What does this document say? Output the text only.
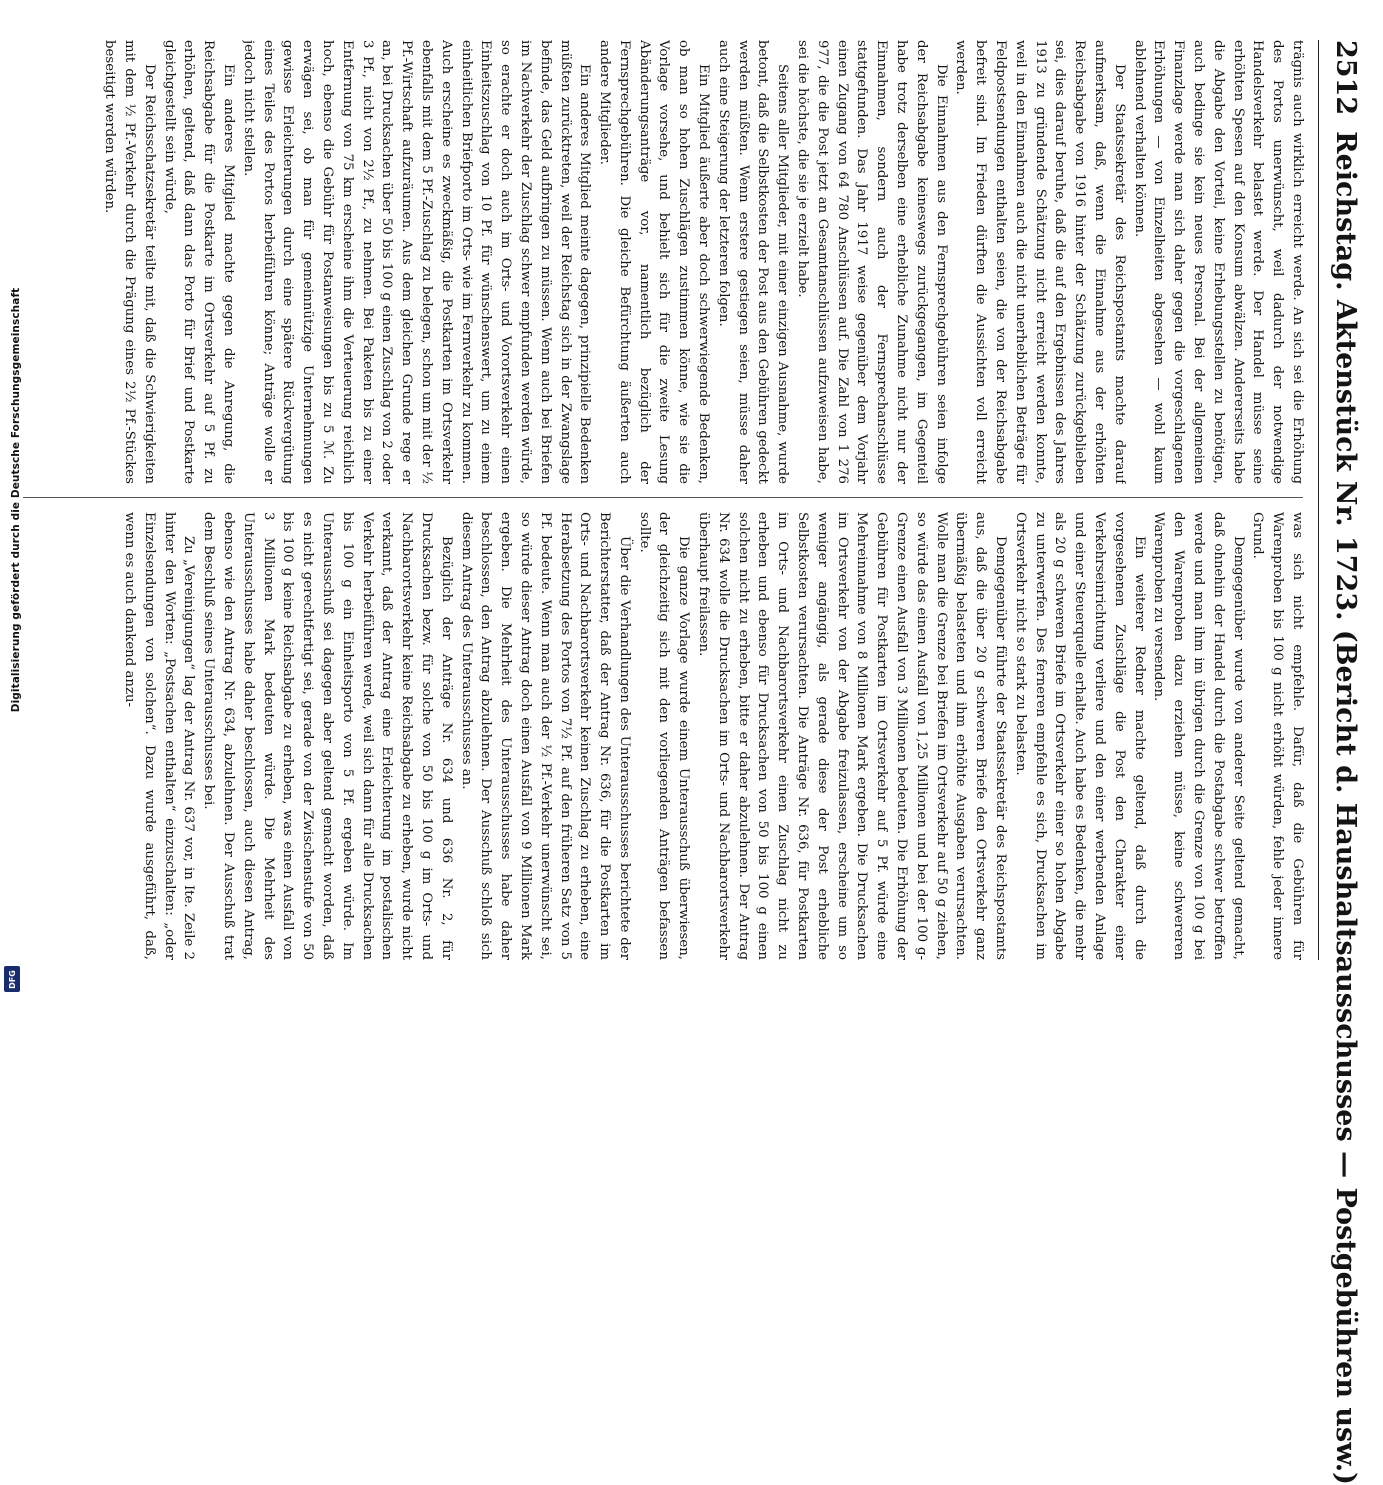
2512
Reichstag. Aktenstück Nr. 1723. (Bericht d. Haushaltsausschusses — Postgebühren usw.)

trägnis auch wirklich erreicht werde. An sich sei die Erhöhung des Portos unerwünscht, weil dadurch der notwendige Handelsverkehr belastet werde. Der Handel müsse seine erhöhten Spesen auf den Konsum abwälzen. Andererseits habe die Abgabe den Vorteil, keine Erhebungsstellen zu benötigen, auch bedinge sie kein neues Personal. Bei der allgemeinen Finanzlage werde man sich daher gegen die vorgeschlagenen Erhöhungen — von Einzelheiten abgesehen — wohl kaum ablehnend verhalten können.

Der Staatssekretär des Reichspostamts machte darauf aufmerksam, daß, wenn die Einnahme aus der erhöhten Reichsabgabe von 1916 hinter der Schätzung zurückgeblieben sei, dies darauf beruhe, daß die auf den Ergebnissen des Jahres 1913 zu gründende Schätzung nicht erreicht werden konnte, weil in den Einnahmen auch die nicht unerheblichen Beträge für Feldpostsendungen enthalten seien, die von der Reichsabgabe befreit sind. Im Frieden dürften die Aussichten voll erreicht werden.

Die Einnahmen aus den Fernsprechgebühren seien infolge der Reichsabgabe keineswegs zurückgegangen, im Gegenteil habe trotz derselben eine erhebliche Zunahme nicht nur der Einnahmen, sondern auch der Fernsprechanschlüsse stattgefunden. Das Jahr 1917 weise gegenüber dem Vorjahr einen Zugang von 64 780 Anschlüssen auf. Die Zahl von 1 276 977, die die Post jetzt an Gesamtanschlüssen aufzuweisen habe, sei die höchste, die sie je erzielt habe.

Seitens aller Mitglieder, mit einer einzigen Ausnahme, wurde betont, daß die Selbstkosten der Post aus den Gebühren gedeckt werden müßten. Wenn erstere gestiegen seien, müsse daher auch eine Steigerung der letzteren folgen.

Ein Mitglied äußerte aber doch schwerwiegende Bedenken, ob man so hohen Zuschlägen zustimmen könne, wie sie die Vorlage vorsehe, und behielt sich für die zweite Lesung Abänderungsanträge vor, namentlich bezüglich der Fernsprechgebühren. Die gleiche Befürchtung äußerten auch andere Mitglieder.

Ein anderes Mitglied meinte dagegen, prinzipielle Bedenken müßten zurücktreten, weil der Reichstag sich in der Zwangslage befinde, das Geld aufbringen zu müssen. Wenn auch bei Briefen im Nachverkehr der Zuschlag schwer empfunden werden würde, so erachte er doch auch im Orts- und Vorortsverkehr einen Einheitszuschlag von 10 Pf. für wünschenswert, um zu einem einheitlichen Briefporto im Orts- wie im Fernverkehr zu kommen. Auch erscheine es zweckmäßig, die Postkarten im Ortsverkehr ebenfalls mit dem 5 Pf.-Zuschlag zu belegen, schon um mit der ½ Pf.-Wirtschaft aufzuräumen. Aus dem gleichen Grunde rege er an, bei Drucksachen über 50 bis 100 g einen Zuschlag von 2 oder 3 Pf., nicht von 2½ Pf., zu nehmen. Bei Paketen bis zu einer Entfernung von 75 km erscheine ihm die Verteuerung reichlich hoch, ebenso die Gebühr für Postanweisungen bis zu 5 ℳ. Zu erwägen sei, ob man für gemeinnützige Unternehmungen gewisse Erleichterungen durch eine spätere Rückvergütung eines Teiles des Portos herbeiführen könne; Anträge wolle er jedoch nicht stellen.

Ein anderes Mitglied machte gegen die Anregung, die Reichsabgabe für die Postkarte im Ortsverkehr auf 5 Pf. zu erhöhen, geltend, daß dann das Porto für Brief und Postkarte gleichgestellt sein würde,

Der Reichsschatzsekretär teilte mit, daß die Schwierigkeiten mit dem ½ Pf.-Verkehr durch die Prägung eines 2½ Pf.-Stückes beseitigt werden würden.

was sich nicht empfehle. Dafür, daß die Gebühren für Warenproben bis 100 g nicht erhöht würden, fehle jeder innere Grund.

Demgegenüber wurde von anderer Seite geltend gemacht, daß ohnehin der Handel durch die Postabgabe schwer betroffen werde und man ihm im übrigen durch die Grenze von 100 g bei den Warenproben dazu erziehen müsse, keine schwereren Warenproben zu versenden.

Ein weiterer Redner machte geltend, daß durch die vorgesehenen Zuschläge die Post den Charakter einer Verkehrseinrichtung verliere und den einer werbenden Anlage und einer Steuerquelle erhalte. Auch habe es Bedenken, die mehr als 20 g schweren Briefe im Ortsverkehr einer so hohen Abgabe zu unterwerfen. Des ferneren empfehle es sich, Drucksachen im Ortsverkehr nicht so stark zu belasten.

Demgegenüber führte der Staatssekretär des Reichspostamts aus, daß die über 20 g schweren Briefe den Ortsverkehr ganz übermäßig belasteten und ihm erhöhte Ausgaben verursachten. Wolle man die Grenze bei Briefen im Ortsverkehr auf 50 g ziehen, so würde das einen Ausfall von 1,25 Millionen und bei der 100 g-Grenze einen Ausfall von 3 Millionen bedeuten. Die Erhöhung der Gebühren für Postkarten im Ortsverkehr auf 5 Pf. würde eine Mehreinnahme von 8 Millionen Mark ergeben. Die Drucksachen im Ortsverkehr von der Abgabe freizulassen, erscheine um so weniger angängig, als gerade diese der Post erhebliche Selbstkosten verursachten. Die Anträge Nr. 636, für Postkarten im Orts- und Nachbarortsverkehr einen Zuschlag nicht zu erheben und ebenso für Drucksachen von 50 bis 100 g einen solchen nicht zu erheben, bitte er daher abzulehnen. Der Antrag Nr. 634 wolle die Drucksachen im Orts- und Nachbarortsverkehr überhaupt freilassen.

Die ganze Vorlage wurde einem Unterausschuß überwiesen, der gleichzeitig sich mit den vorliegenden Anträgen befassen sollte.

Über die Verhandlungen des Unterausschusses berichtete der Berichterstatter, daß der Antrag Nr. 636, für die Postkarten im Orts- und Nachbarortsverkehr keinen Zuschlag zu erheben, eine Herabsetzung des Portos von 7½ Pf. auf den früheren Satz von 5 Pf. bedeute. Wenn man auch der ½ Pf.-Verkehr unerwünscht sei, so würde dieser Antrag doch einen Ausfall von 9 Millionen Mark ergeben. Die Mehrheit des Unterausschusses habe daher beschlossen, den Antrag abzulehnen. Der Ausschuß schloß sich diesem Antrag des Unterausschusses an.

Bezüglich der Anträge Nr. 634 und 636 Nr. 2, für Drucksachen bezw. für solche von 50 bis 100 g im Orts- und Nachbarortsverkehr keine Reichsabgabe zu erheben, wurde nicht verkannt, daß der Antrag eine Erleichterung im postalischen Verkehr herbeiführen werde, weil sich dann für alle Drucksachen bis 100 g ein Einheitsporto von 5 Pf. ergeben würde. Im Unterausschuß sei dagegen aber geltend gemacht worden, daß es nicht gerechtfertigt sei, gerade von der Zwischenstufe von 50 bis 100 g keine Reichsabgabe zu erheben, was einen Ausfall von 3 Millionen Mark bedeuten würde. Die Mehrheit des Unterausschusses habe daher beschlossen, auch diesen Antrag, ebenso wie den Antrag Nr. 634, abzulehnen. Der Ausschuß trat dem Beschluß seines Unterausschusses bei.

Zu „Vereinigungen“ lag der Antrag Nr. 637 vor, in Ite. Zeile 2 hinter den Worten: „Postsachen enthalten“ einzuschalten: „oder Einzelsendungen von solchen“. Dazu wurde ausgeführt, daß, wenn es auch dankend anzu-

Digitalisierung gefördert durch die Deutsche Forschungsgemeinschaft
DFG
